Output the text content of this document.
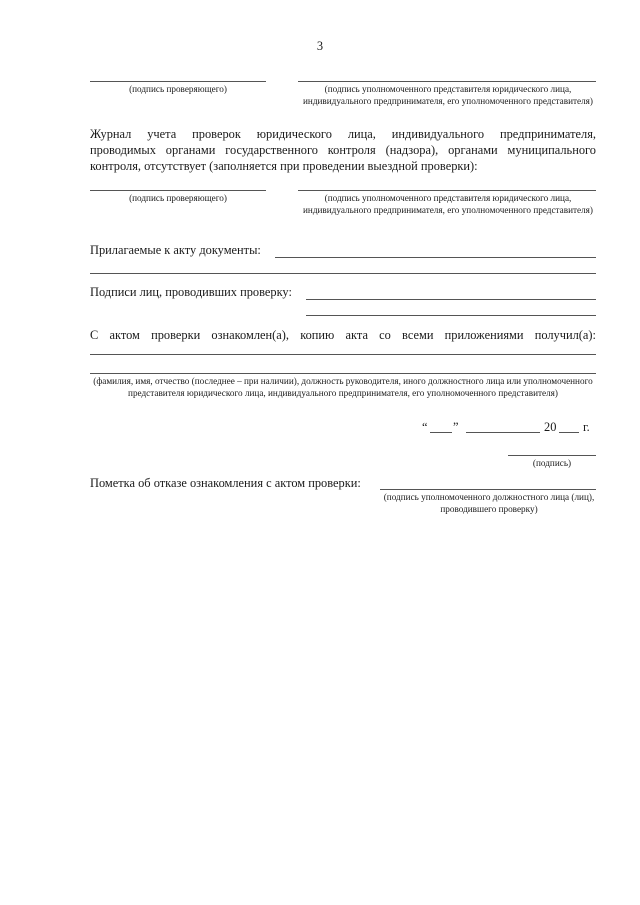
3
(подпись проверяющего)	(подпись уполномоченного представителя юридического лица, индивидуального предпринимателя, его уполномоченного представителя)
Журнал учета проверок юридического лица, индивидуального предпринимателя,
проводимых органами государственного контроля (надзора), органами муниципального
контроля, отсутствует (заполняется при проведении выездной проверки):
(подпись проверяющего)	(подпись уполномоченного представителя юридического лица, индивидуального предпринимателя, его уполномоченного представителя)
Прилагаемые к акту документы:
Подписи лиц, проводивших проверку:
С актом проверки ознакомлен(а), копию акта со всеми приложениями получил(а):
(фамилия, имя, отчество (последнее – при наличии), должность руководителя, иного должностного лица или уполномоченного представителя юридического лица, индивидуального предпринимателя, его уполномоченного представителя)
“ ”	20 г.
(подпись)
Пометка об отказе ознакомления с актом проверки:
(подпись уполномоченного должностного лица (лиц), проводившего проверку)
